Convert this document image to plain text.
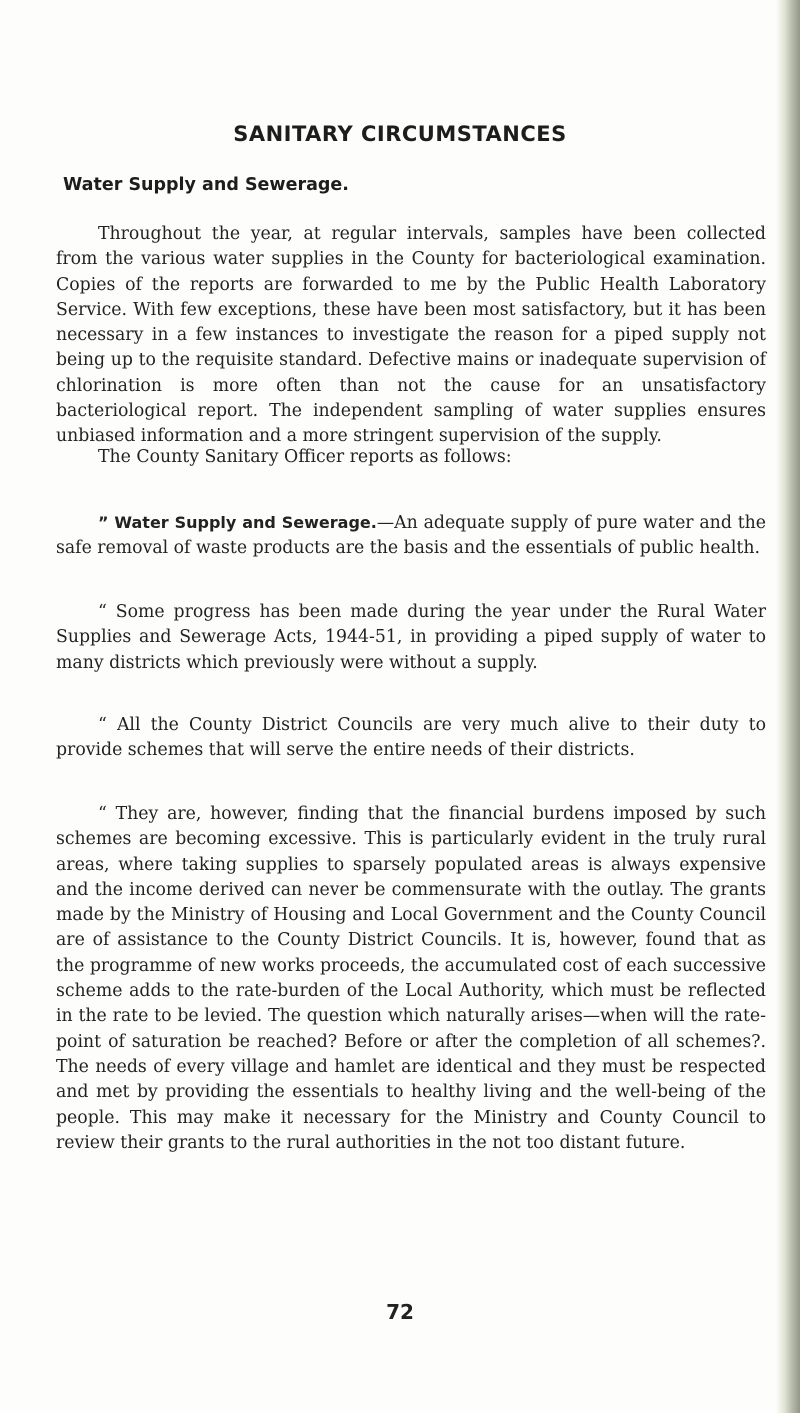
SANITARY CIRCUMSTANCES
Water Supply and Sewerage.

Throughout the year, at regular intervals, samples have been collected from the various water supplies in the County for bacteriological examination. Copies of the reports are forwarded to me by the Public Health Laboratory Service. With few exceptions, these have been most satisfactory, but it has been necessary in a few instances to investigate the reason for a piped supply not being up to the requisite standard. Defective mains or inadequate supervision of chlorination is more often than not the cause for an unsatisfactory bacteriological report. The independent sampling of water supplies ensures unbiased information and a more stringent supervision of the supply.

The County Sanitary Officer reports as follows:

” Water Supply and Sewerage.—An adequate supply of pure water and the safe removal of waste products are the basis and the essentials of public health.

“ Some progress has been made during the year under the Rural Water Supplies and Sewerage Acts, 1944-51, in providing a piped supply of water to many districts which previously were without a supply.

“ All the County District Councils are very much alive to their duty to provide schemes that will serve the entire needs of their districts.

“ They are, however, finding that the financial burdens imposed by such schemes are becoming excessive. This is particularly evident in the truly rural areas, where taking supplies to sparsely populated areas is always expensive and the income derived can never be commensurate with the outlay. The grants made by the Ministry of Housing and Local Government and the County Council are of assistance to the County District Councils. It is, however, found that as the programme of new works proceeds, the accumulated cost of each successive scheme adds to the rate-burden of the Local Authority, which must be reflected in the rate to be levied. The question which naturally arises—when will the rate-point of saturation be reached? Before or after the completion of all schemes?. The needs of every village and hamlet are identical and they must be respected and met by providing the essentials to healthy living and the well-being of the people. This may make it necessary for the Ministry and County Council to review their grants to the rural authorities in the not too distant future.

72
